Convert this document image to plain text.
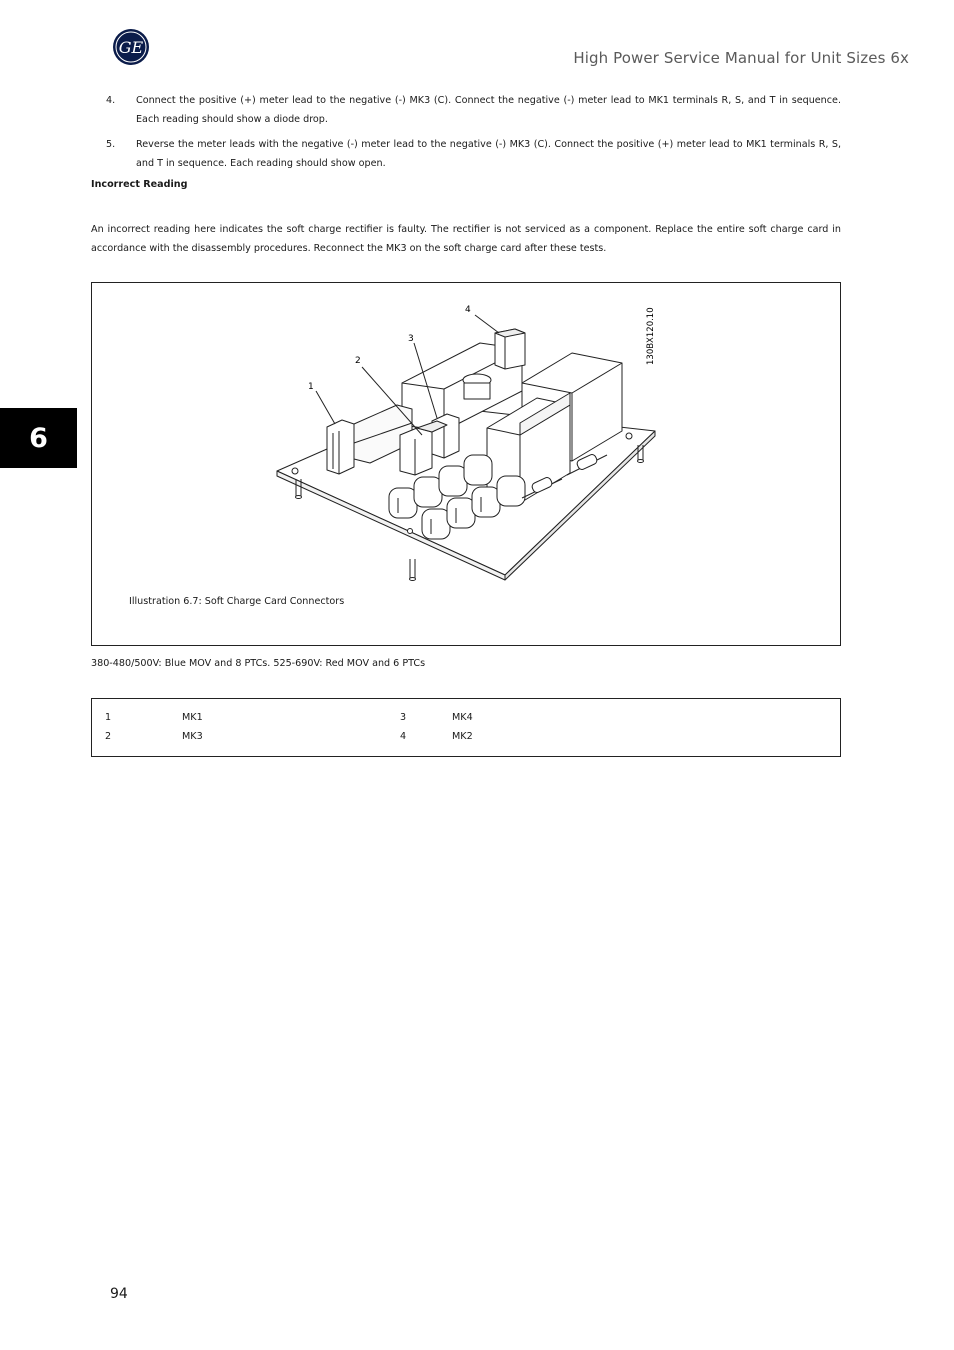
GE
High Power Service Manual for Unit Sizes 6x
6
4. Connect the positive (+) meter lead to the negative (-) MK3 (C). Connect the negative (-) meter lead to MK1 terminals R, S, and T in sequence. Each reading should show a diode drop.
5. Reverse the meter leads with the negative (-) meter lead to the negative (-) MK3 (C). Connect the positive (+) meter lead to MK1 terminals R, S, and T in sequence. Each reading should show open.
Incorrect Reading
An incorrect reading here indicates the soft charge rectifier is faulty. The rectifier is not serviced as a component. Replace the entire soft charge card in accordance with the disassembly procedures. Reconnect the MK3 on the soft charge card after these tests.
1
2
3
4	130BX120.10
Illustration 6.7: Soft Charge Card Connectors
380-480/500V: Blue MOV and 8 PTCs. 525-690V: Red MOV and 6 PTCs
1	MK1	3	MK4
2	MK3	4	MK2
94
